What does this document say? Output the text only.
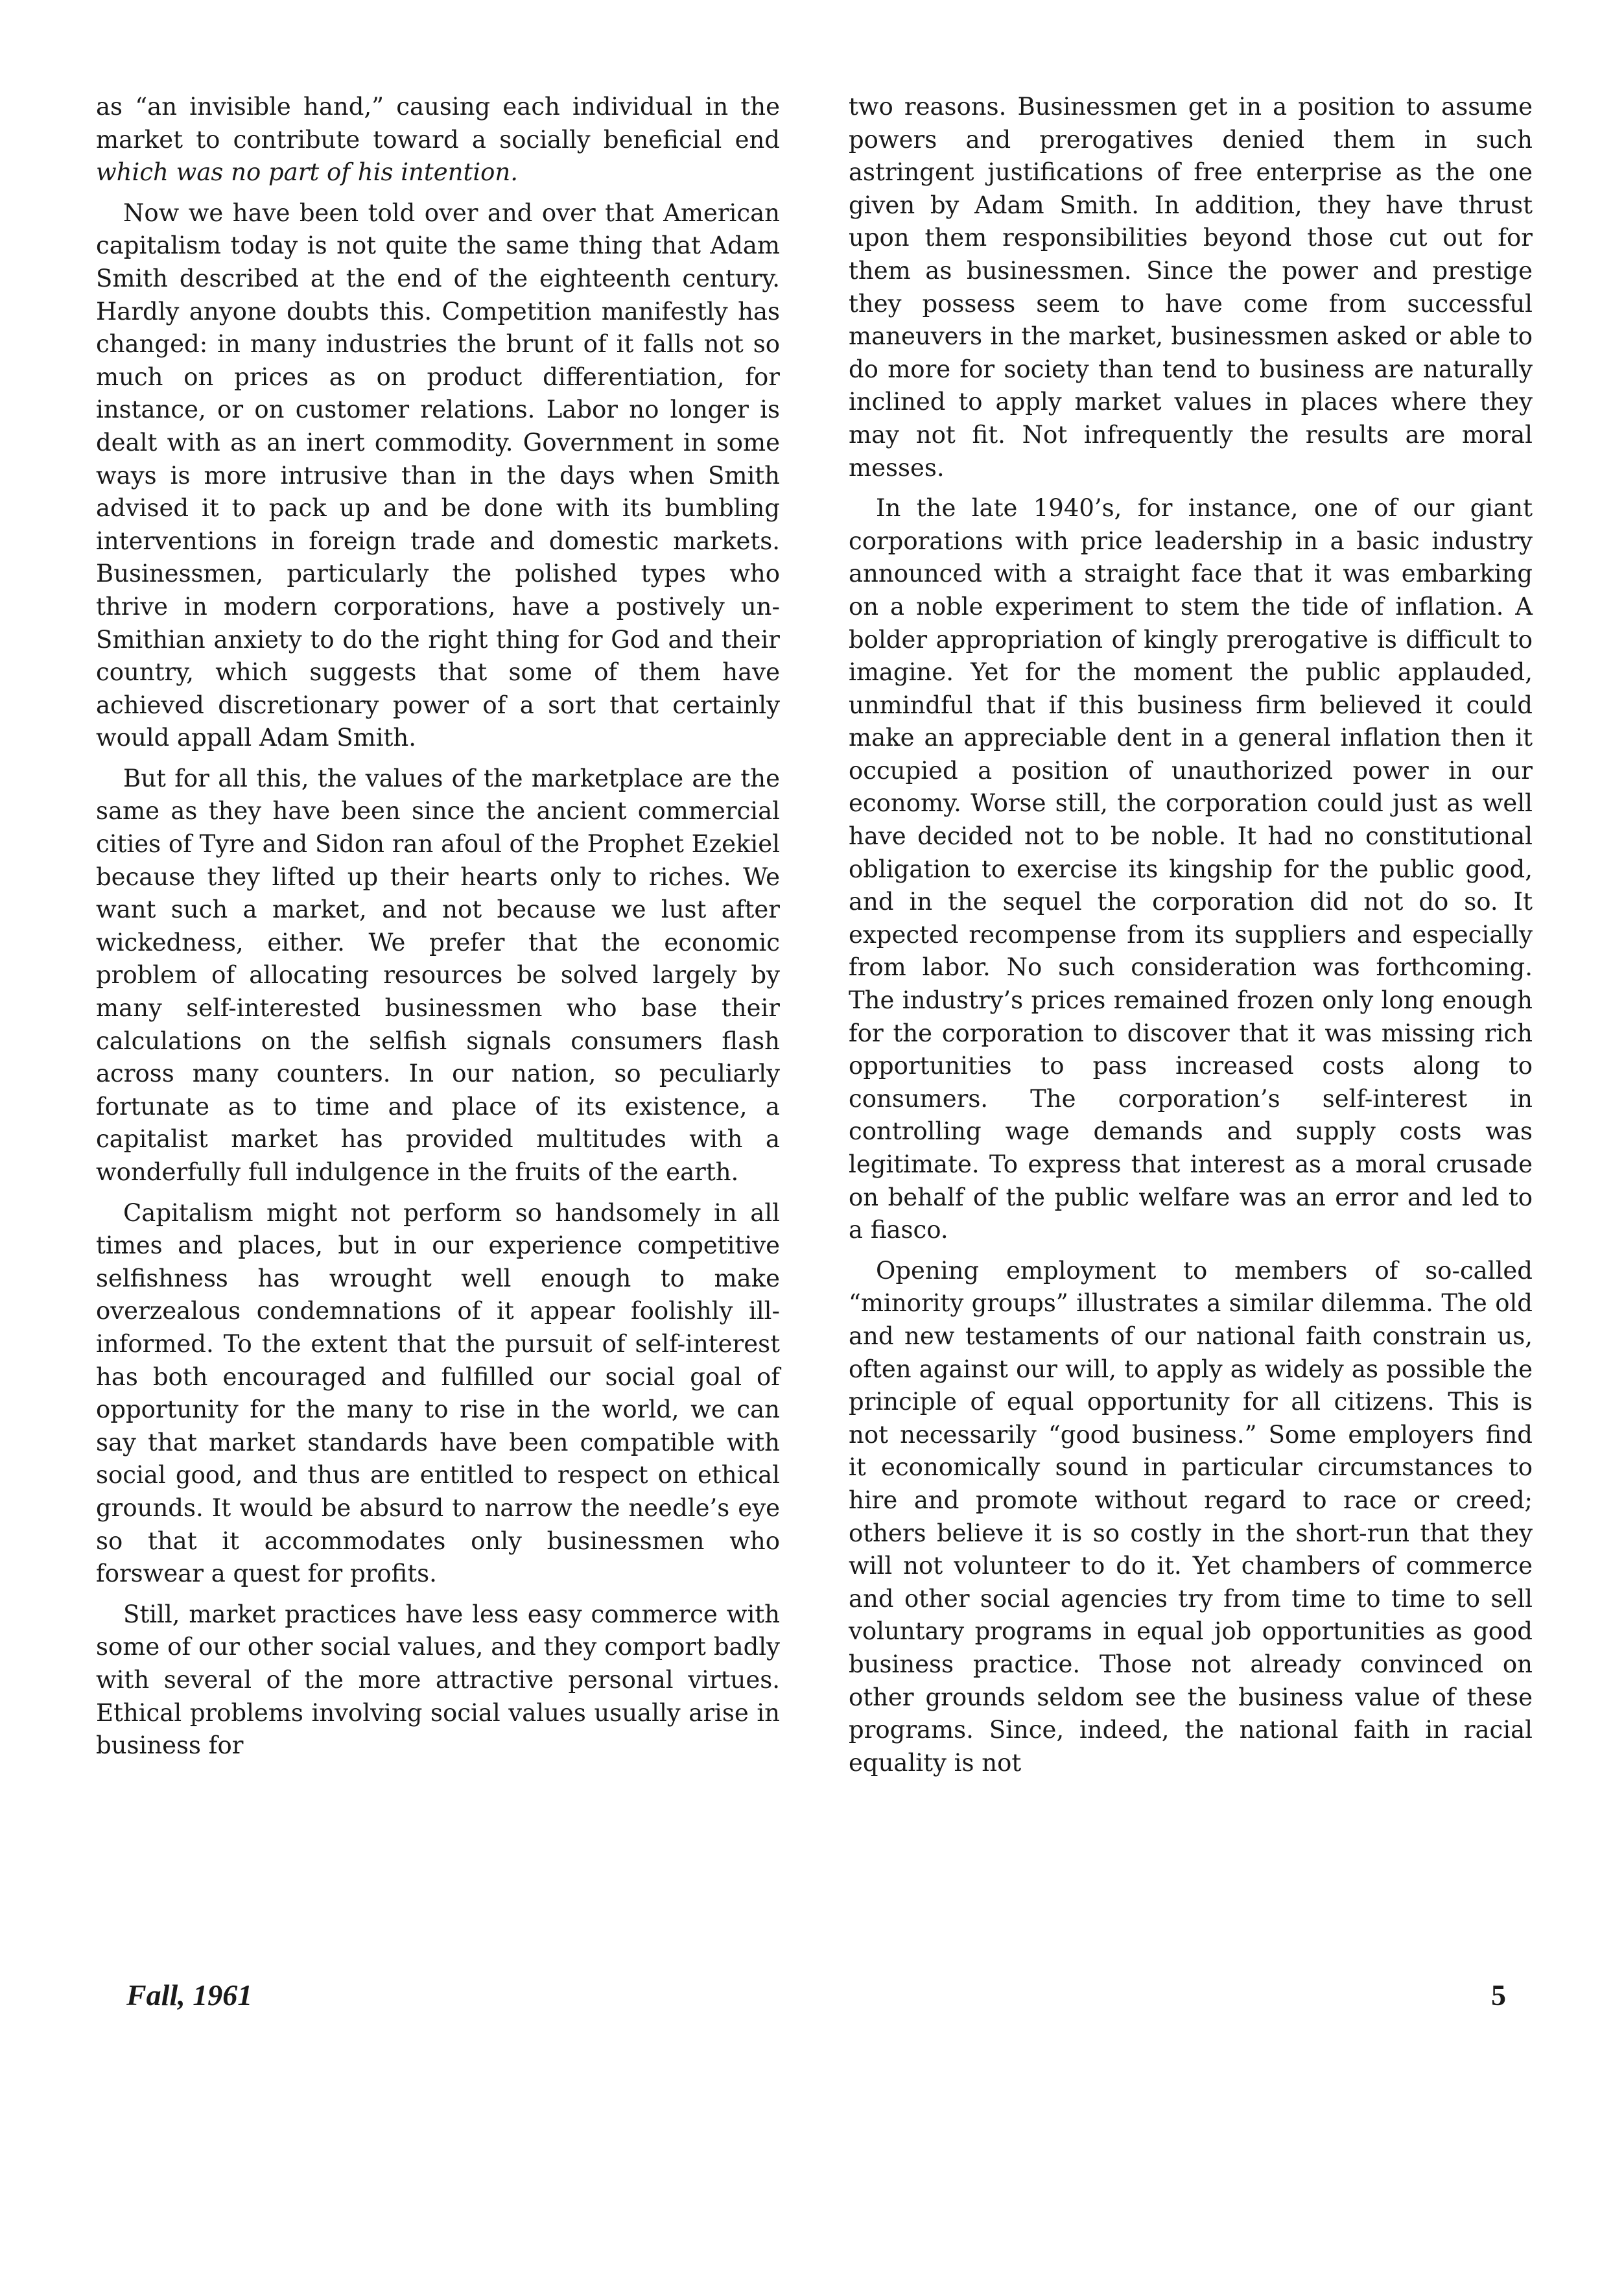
as “an invisible hand,” causing each individual in the market to contribute toward a socially beneficial end which was no part of his intention.

Now we have been told over and over that American capitalism today is not quite the same thing that Adam Smith described at the end of the eighteenth century. Hardly anyone doubts this. Competition manifestly has changed: in many industries the brunt of it falls not so much on prices as on product differentiation, for instance, or on customer relations. Labor no longer is dealt with as an inert commodity. Government in some ways is more intrusive than in the days when Smith advised it to pack up and be done with its bumbling interventions in foreign trade and domestic markets. Businessmen, particularly the polished types who thrive in modern corporations, have a postively un-Smithian anxiety to do the right thing for God and their country, which suggests that some of them have achieved discretionary power of a sort that certainly would appall Adam Smith.

But for all this, the values of the marketplace are the same as they have been since the ancient commercial cities of Tyre and Sidon ran afoul of the Prophet Ezekiel because they lifted up their hearts only to riches. We want such a market, and not because we lust after wickedness, either. We prefer that the economic problem of allocating resources be solved largely by many self-interested businessmen who base their calculations on the selfish signals consumers flash across many counters. In our nation, so peculiarly fortunate as to time and place of its existence, a capitalist market has provided multitudes with a wonderfully full indulgence in the fruits of the earth.

Capitalism might not perform so handsomely in all times and places, but in our experience competitive selfishness has wrought well enough to make overzealous condemnations of it appear foolishly ill-informed. To the extent that the pursuit of self-interest has both encouraged and fulfilled our social goal of opportunity for the many to rise in the world, we can say that market standards have been compatible with social good, and thus are entitled to respect on ethical grounds. It would be absurd to narrow the needle’s eye so that it accommodates only businessmen who forswear a quest for profits.

Still, market practices have less easy commerce with some of our other social values, and they comport badly with several of the more attractive personal virtues. Ethical problems involving social values usually arise in business for

two reasons. Businessmen get in a position to assume powers and prerogatives denied them in such astringent justifications of free enterprise as the one given by Adam Smith. In addition, they have thrust upon them responsibilities beyond those cut out for them as businessmen. Since the power and prestige they possess seem to have come from successful maneuvers in the market, businessmen asked or able to do more for society than tend to business are naturally inclined to apply market values in places where they may not fit. Not infrequently the results are moral messes.

In the late 1940’s, for instance, one of our giant corporations with price leadership in a basic industry announced with a straight face that it was embarking on a noble experiment to stem the tide of inflation. A bolder appropriation of kingly prerogative is difficult to imagine. Yet for the moment the public applauded, unmindful that if this business firm believed it could make an appreciable dent in a general inflation then it occupied a position of unauthorized power in our economy. Worse still, the corporation could just as well have decided not to be noble. It had no constitutional obligation to exercise its kingship for the public good, and in the sequel the corporation did not do so. It expected recompense from its suppliers and especially from labor. No such consideration was forthcoming. The industry’s prices remained frozen only long enough for the corporation to discover that it was missing rich opportunities to pass increased costs along to consumers. The corporation’s self-interest in controlling wage demands and supply costs was legitimate. To express that interest as a moral crusade on behalf of the public welfare was an error and led to a fiasco.

Opening employment to members of so-called “minority groups” illustrates a similar dilemma. The old and new testaments of our national faith constrain us, often against our will, to apply as widely as possible the principle of equal opportunity for all citizens. This is not necessarily “good business.” Some employers find it economically sound in particular circumstances to hire and promote without regard to race or creed; others believe it is so costly in the short-run that they will not volunteer to do it. Yet chambers of commerce and other social agencies try from time to time to sell voluntary programs in equal job opportunities as good business practice. Those not already convinced on other grounds seldom see the business value of these programs. Since, indeed, the national faith in racial equality is not

Fall, 1961	5
